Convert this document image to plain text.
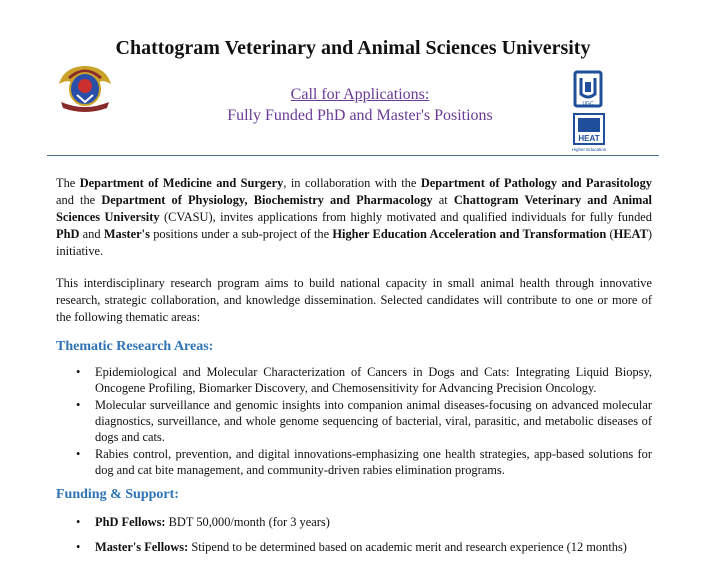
Chattogram Veterinary and Animal Sciences University
Call for Applications:
Fully Funded PhD and Master's Positions
UGC
HEAT
Higher Education
The Department of Medicine and Surgery, in collaboration with the Department of Pathology and Parasitology and the Department of Physiology, Biochemistry and Pharmacology at Chattogram Veterinary and Animal Sciences University (CVASU), invites applications from highly motivated and qualified individuals for fully funded PhD and Master's positions under a sub-project of the Higher Education Acceleration and Transformation (HEAT) initiative.
This interdisciplinary research program aims to build national capacity in small animal health through innovative research, strategic collaboration, and knowledge dissemination. Selected candidates will contribute to one or more of the following thematic areas:
Thematic Research Areas:
• Epidemiological and Molecular Characterization of Cancers in Dogs and Cats: Integrating Liquid Biopsy, Oncogene Profiling, Biomarker Discovery, and Chemosensitivity for Advancing Precision Oncology.
• Molecular surveillance and genomic insights into companion animal diseases-focusing on advanced molecular diagnostics, surveillance, and whole genome sequencing of bacterial, viral, parasitic, and metabolic diseases of dogs and cats.
• Rabies control, prevention, and digital innovations-emphasizing one health strategies, app-based solutions for dog and cat bite management, and community-driven rabies elimination programs.
Funding & Support:
• PhD Fellows: BDT 50,000/month (for 3 years)
• Master's Fellows: Stipend to be determined based on academic merit and research experience (12 months)
